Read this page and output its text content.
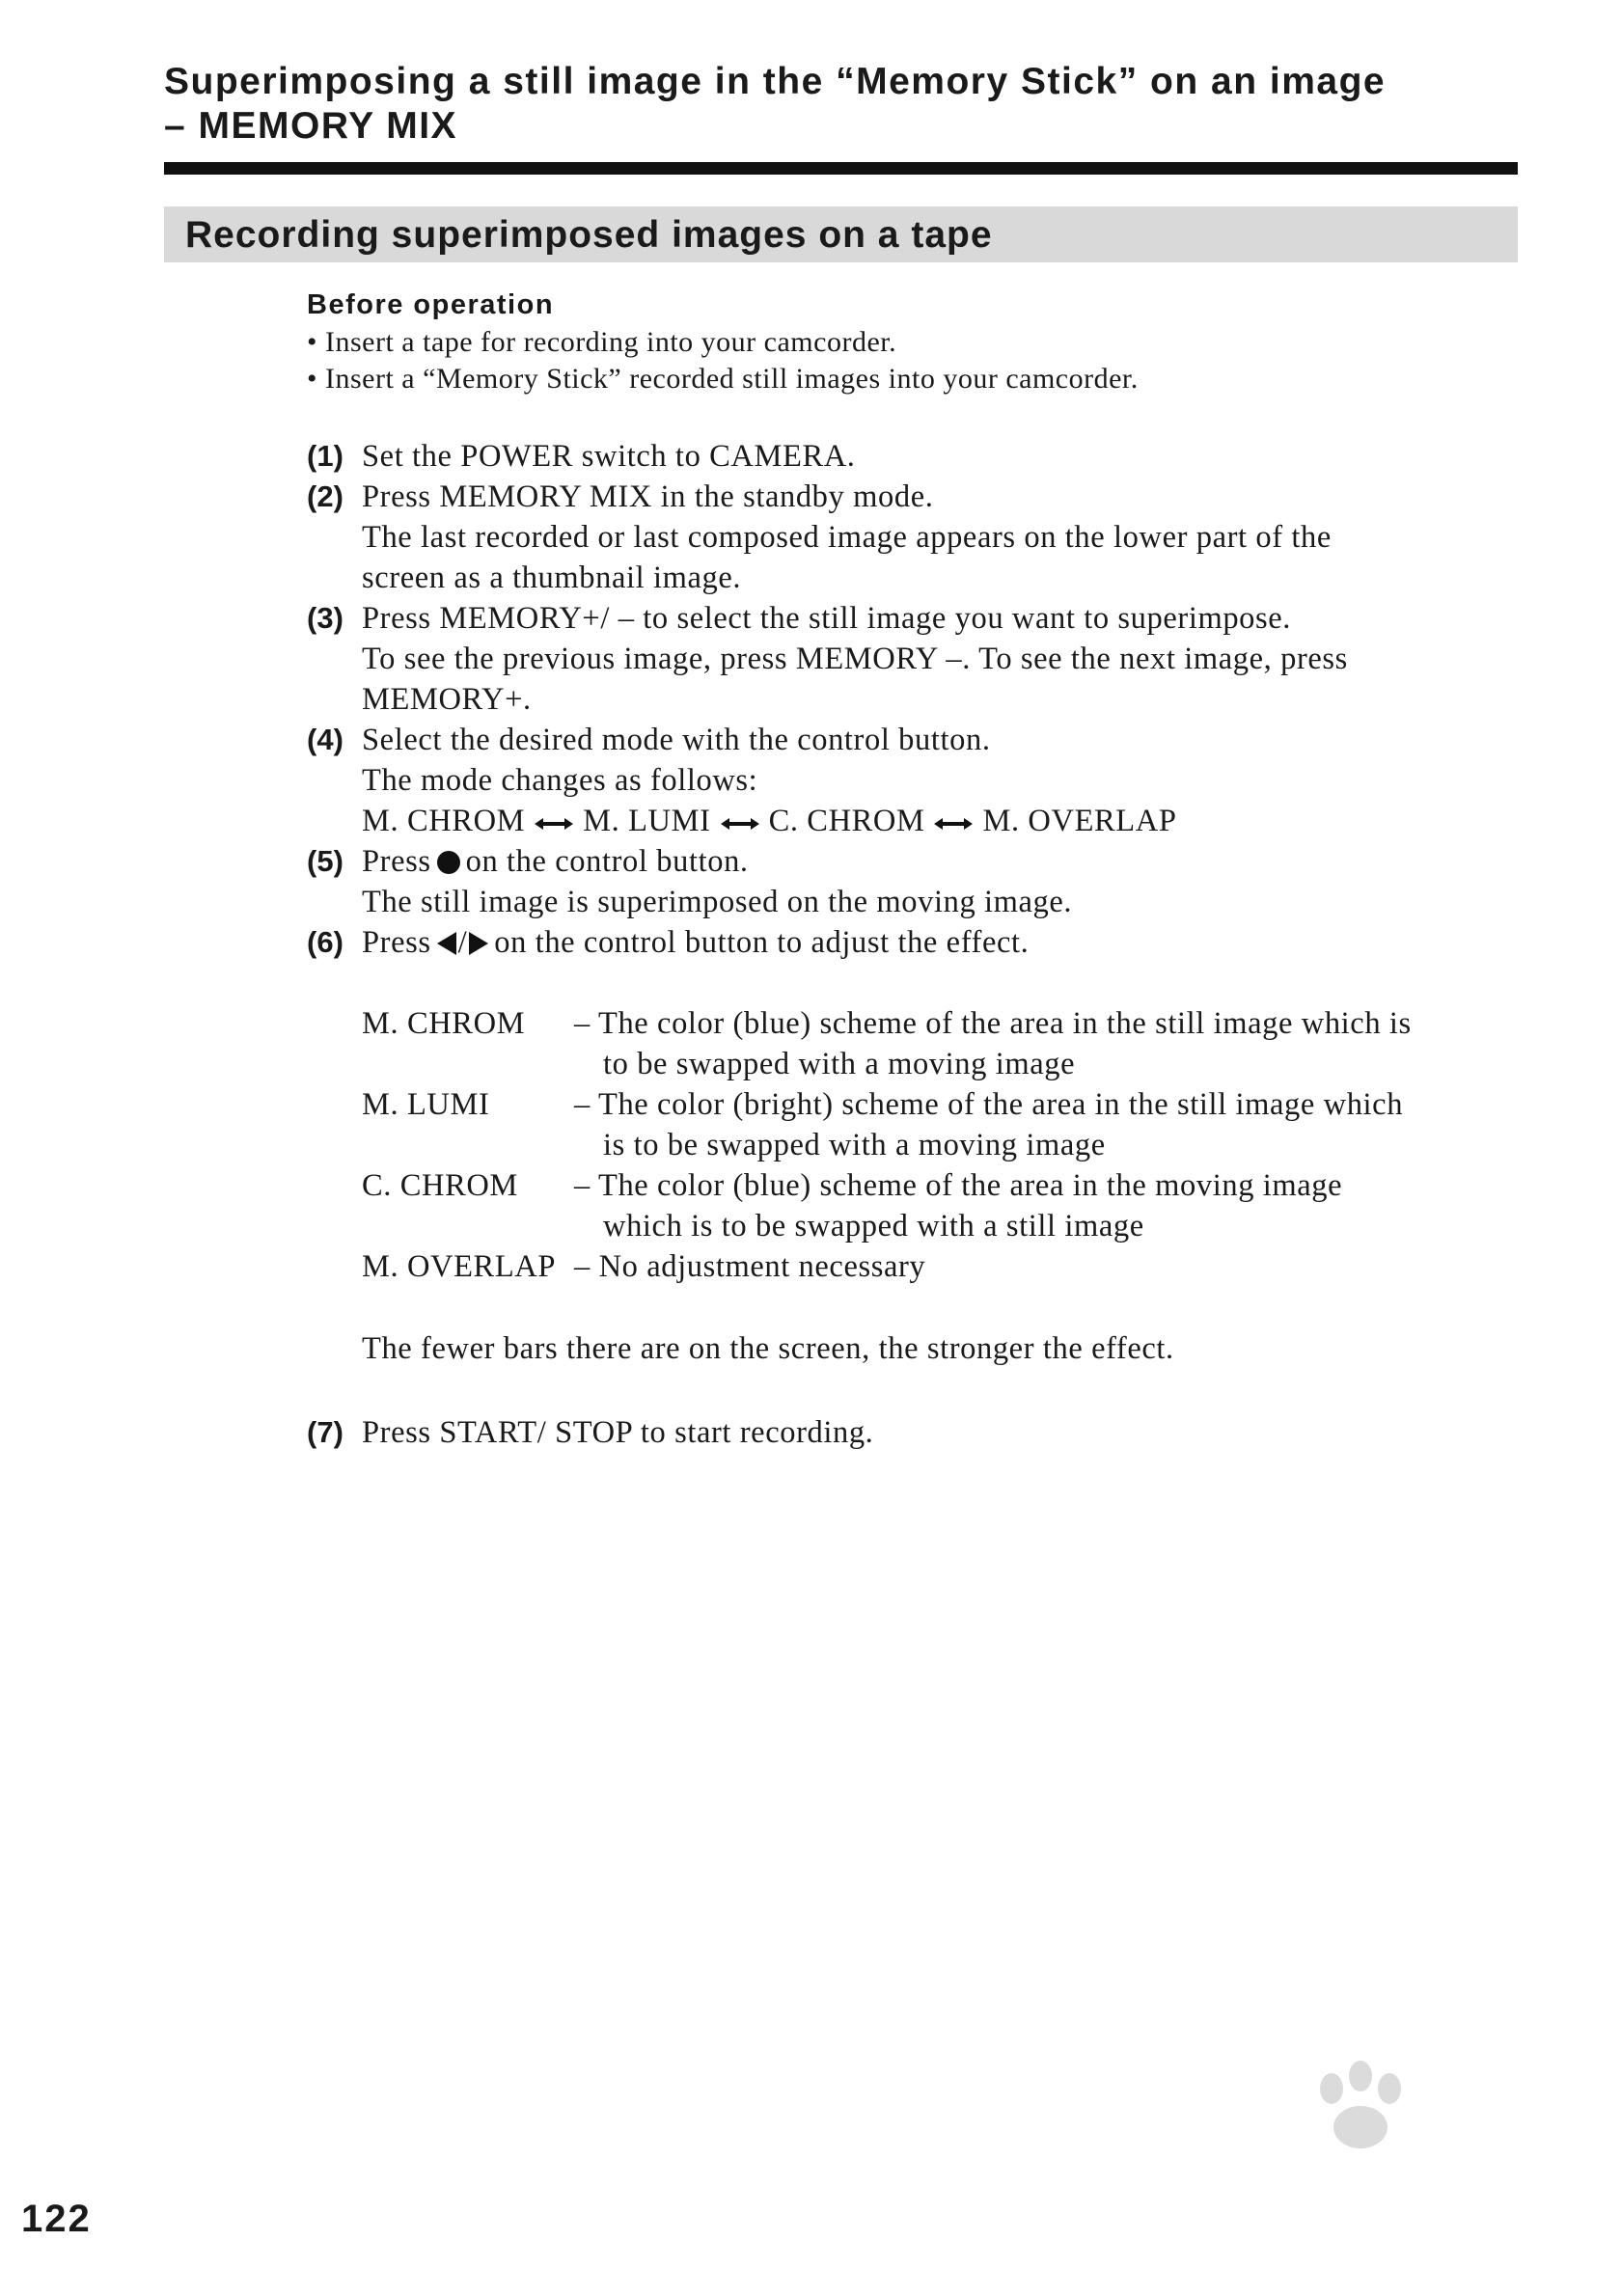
Superimposing a still image in the “Memory Stick” on an image
– MEMORY MIX
Recording superimposed images on a tape
Before operation
• Insert a tape for recording into your camcorder.
• Insert a “Memory Stick” recorded still images into your camcorder.
(1) Set the POWER switch to CAMERA.
(2) Press MEMORY MIX in the standby mode.
The last recorded or last composed image appears on the lower part of the
screen as a thumbnail image.
(3) Press MEMORY+/ – to select the still image you want to superimpose.
To see the previous image, press MEMORY –. To see the next image, press
MEMORY+.
(4) Select the desired mode with the control button.
The mode changes as follows:
M. CHROM M. LUMI C. CHROM M. OVERLAP
(5) Press on the control button.
The still image is superimposed on the moving image.
(6) Press / on the control button to adjust the effect.
M. CHROM – The color (blue) scheme of the area in the still image which is
to be swapped with a moving image
M. LUMI	– The color (bright) scheme of the area in the still image which
is to be swapped with a moving image
C. CHROM – The color (blue) scheme of the area in the moving image
which is to be swapped with a still image
M. OVERLAP – No adjustment necessary
The fewer bars there are on the screen, the stronger the effect.
(7) Press START/ STOP to start recording.
122
